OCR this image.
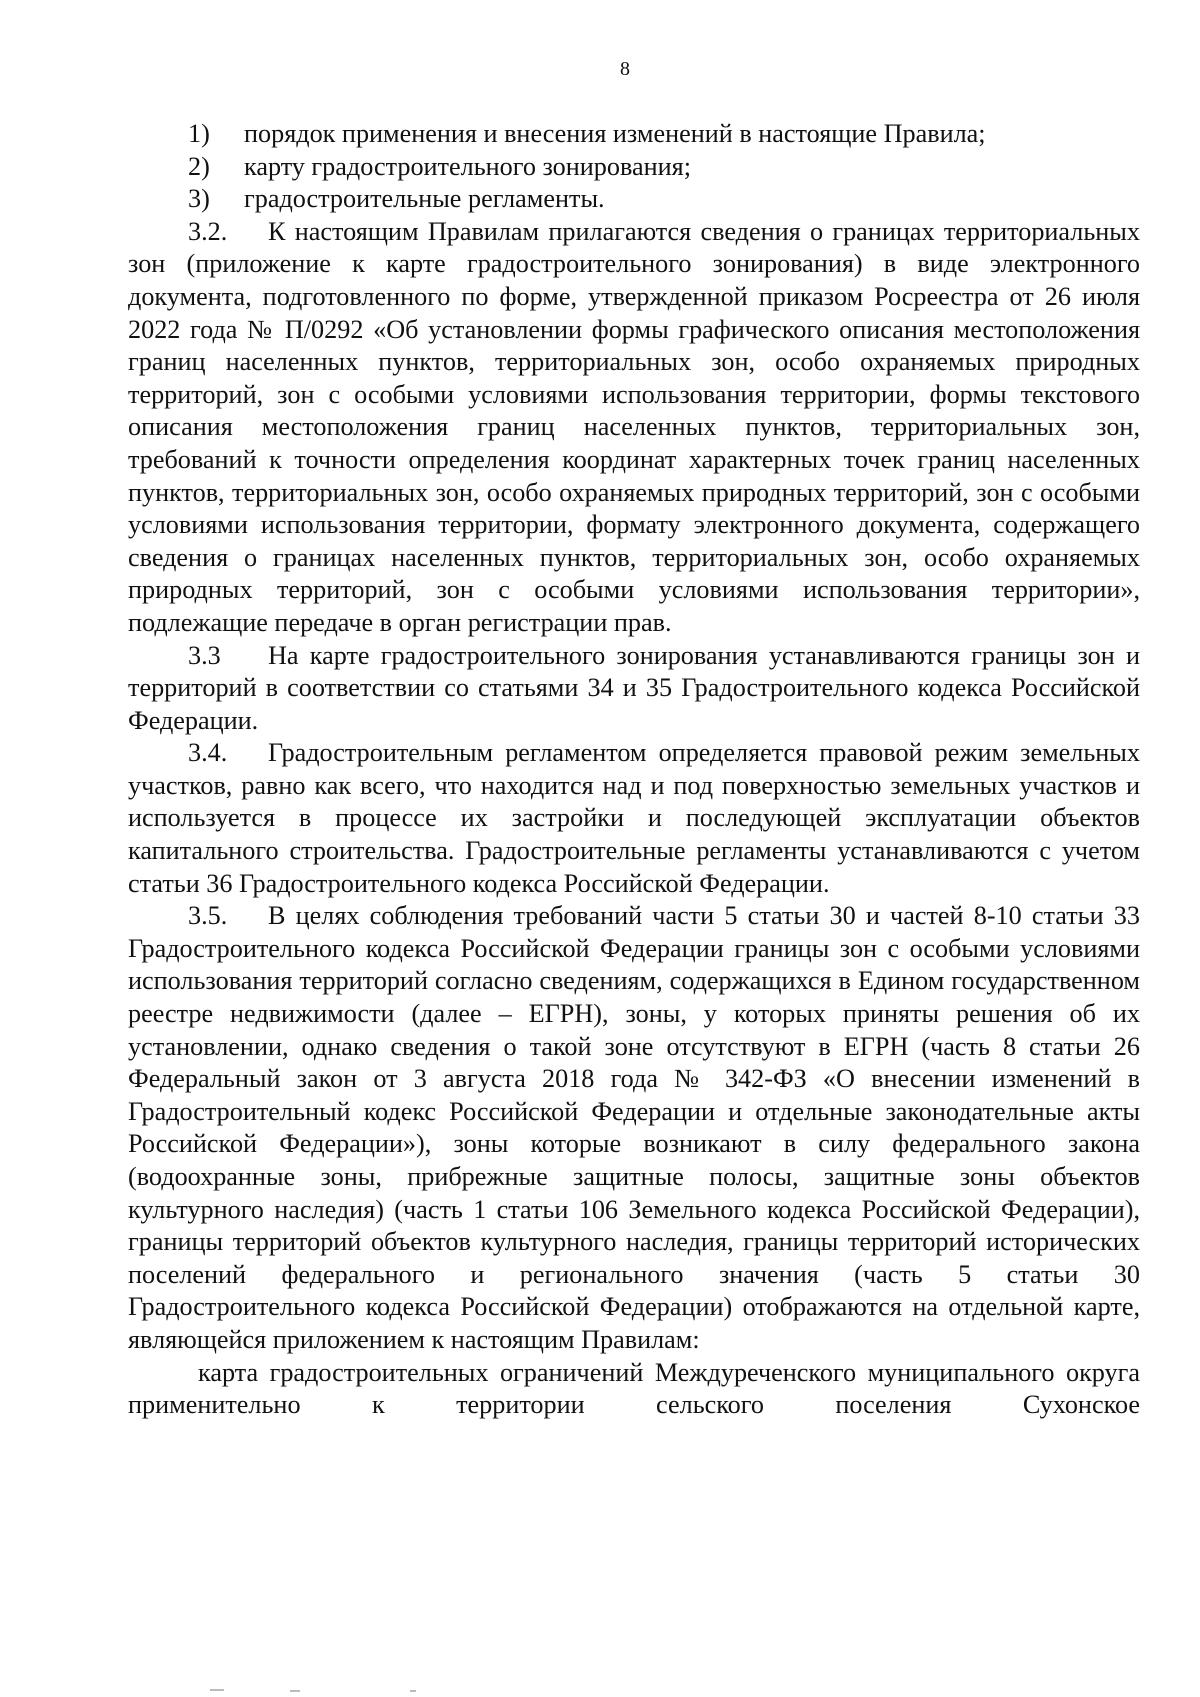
8
1)	порядок применения и внесения изменений в настоящие Правила;
2)	карту градостроительного зонирования;
3)	градостроительные регламенты.

3.2. К настоящим Правилам прилагаются сведения о границах территориальных зон (приложение к карте градостроительного зонирования) в виде электронного документа, подготовленного по форме, утвержденной приказом Росреестра от 26 июля 2022 года № П/0292 «Об установлении формы графического описания местоположения границ населенных пунктов, территориальных зон, особо охраняемых природных территорий, зон с особыми условиями использования территории, формы текстового описания местоположения границ населенных пунктов, территориальных зон, требований к точности определения координат характерных точек границ населенных пунктов, территориальных зон, особо охраняемых природных территорий, зон с особыми условиями использования территории, формату электронного документа, содержащего сведения о границах населенных пунктов, территориальных зон, особо охраняемых природных территорий, зон с особыми условиями использования территории», подлежащие передаче в орган регистрации прав.

3.3 На карте градостроительного зонирования устанавливаются границы зон и территорий в соответствии со статьями 34 и 35 Градостроительного кодекса Российской Федерации.

3.4. Градостроительным регламентом определяется правовой режим земельных участков, равно как всего, что находится над и под поверхностью земельных участков и используется в процессе их застройки и последующей эксплуатации объектов капитального строительства. Градостроительные регламенты устанавливаются с учетом статьи 36 Градостроительного кодекса Российской Федерации.

3.5. В целях соблюдения требований части 5 статьи 30 и частей 8-10 статьи 33 Градостроительного кодекса Российской Федерации границы зон с особыми условиями использования территорий согласно сведениям, содержащихся в Едином государственном реестре недвижимости (далее – ЕГРН), зоны, у которых приняты решения об их установлении, однако сведения о такой зоне отсутствуют в ЕГРН (часть 8 статьи 26 Федеральный закон от 3 августа 2018 года № 342-ФЗ «О внесении изменений в Градостроительный кодекс Российской Федерации и отдельные законодательные акты Российской Федерации»), зоны которые возникают в силу федерального закона (водоохранные зоны, прибрежные защитные полосы, защитные зоны объектов культурного наследия) (часть 1 статьи 106 Земельного кодекса Российской Федерации), границы территорий объектов культурного наследия, границы территорий исторических поселений федерального и регионального значения (часть 5 статьи 30 Градостроительного кодекса Российской Федерации) отображаются на отдельной карте, являющейся приложением к настоящим Правилам:

карта градостроительных ограничений Междуреченского муниципального округа применительно к территории сельского поселения Сухонское
